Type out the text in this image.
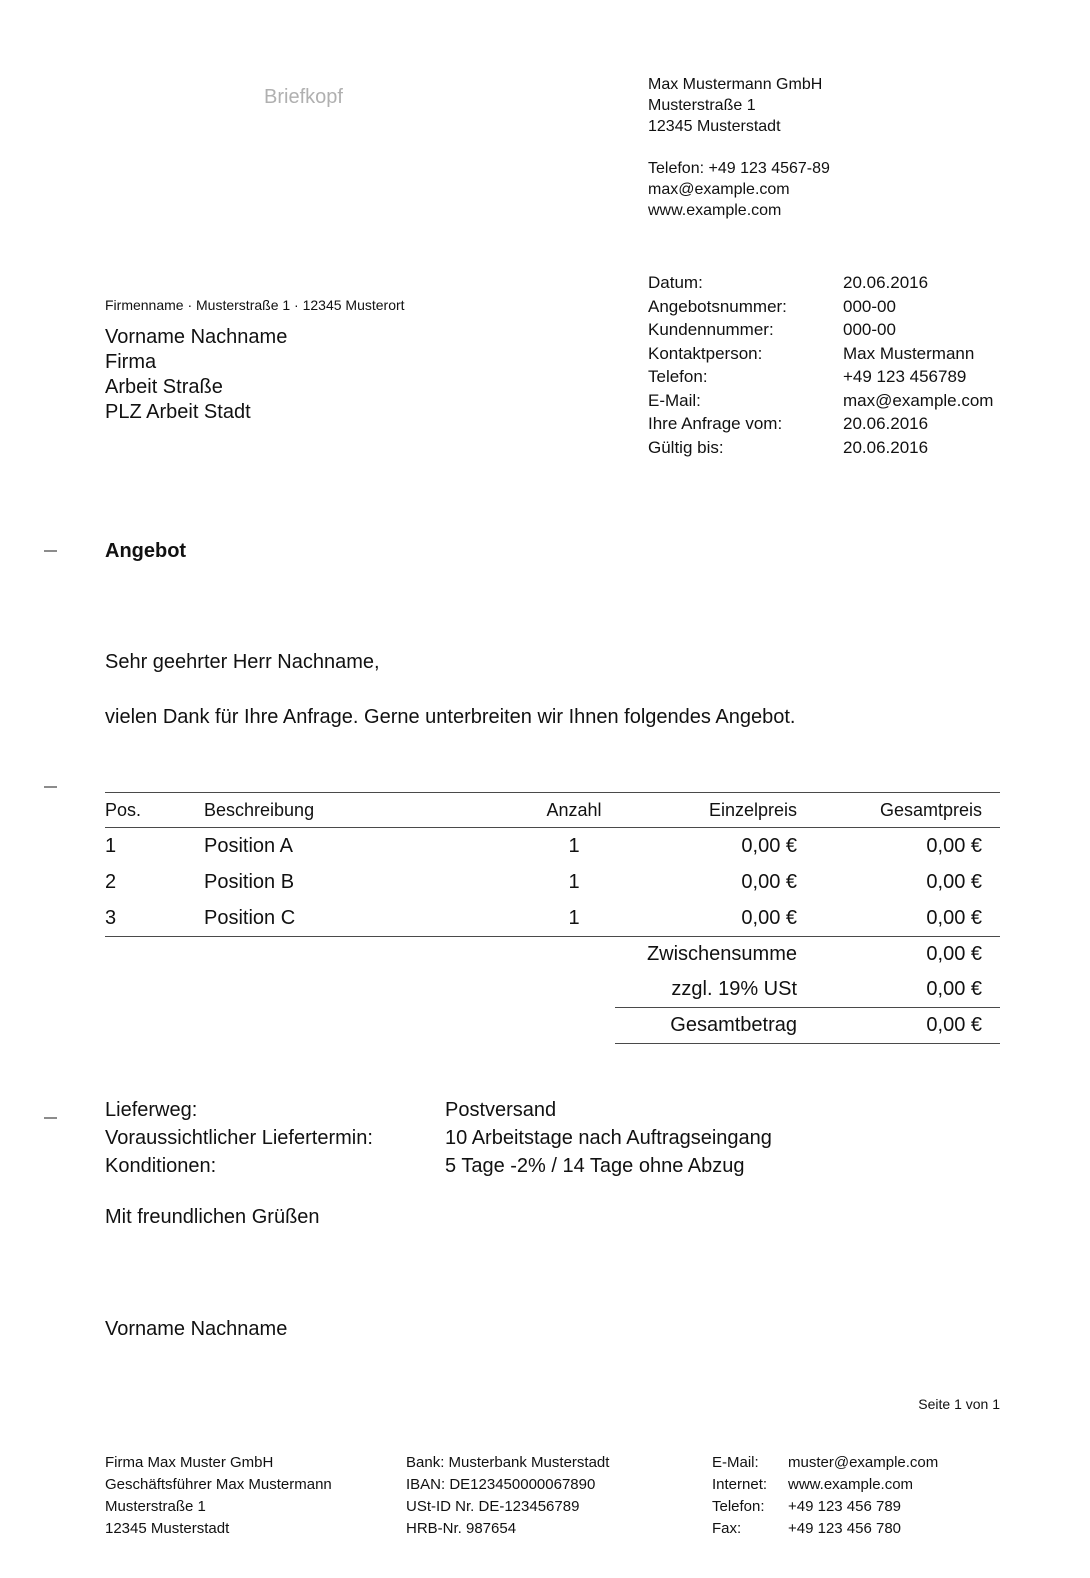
Briefkopf
Max Mustermann GmbH
Musterstraße 1
12345 Musterstadt
Telefon: +49 123 4567-89
max@example.com
www.example.com
Firmenname · Musterstraße 1 · 12345 Musterort
Vorname Nachname
Firma
Arbeit Straße
PLZ Arbeit Stadt
Datum:	20.06.2016
Angebotsnummer:	000-00
Kundennummer:	000-00
Kontaktperson:	Max Mustermann
Telefon:	+49 123 456789
E-Mail:	max@example.com
Ihre Anfrage vom:	20.06.2016
Gültig bis:	20.06.2016
Angebot
Sehr geehrter Herr Nachname,
vielen Dank für Ihre Anfrage. Gerne unterbreiten wir Ihnen folgendes Angebot.
Pos.	Beschreibung	Anzahl	Einzelpreis	Gesamtpreis
1	Position A	1	0,00 €	0,00 €
2	Position B	1	0,00 €	0,00 €
3	Position C	1	0,00 €	0,00 €
Zwischensumme	0,00 €
zzgl. 19% USt	0,00 €
Gesamtbetrag	0,00 €
Lieferweg:	Postversand
Voraussichtlicher Liefertermin:	10 Arbeitstage nach Auftragseingang
Konditionen:	5 Tage -2% / 14 Tage ohne Abzug
Mit freundlichen Grüßen
Vorname Nachname
Seite 1 von 1
Firma Max Muster GmbH
Geschäftsführer Max Mustermann
Musterstraße 1
12345 Musterstadt
Bank: Musterbank Musterstadt
IBAN: DE123450000067890
USt-ID Nr. DE-123456789
HRB-Nr. 987654
E-Mail:	muster@example.com
Internet:	www.example.com
Telefon:	+49 123 456 789
Fax:	+49 123 456 780
